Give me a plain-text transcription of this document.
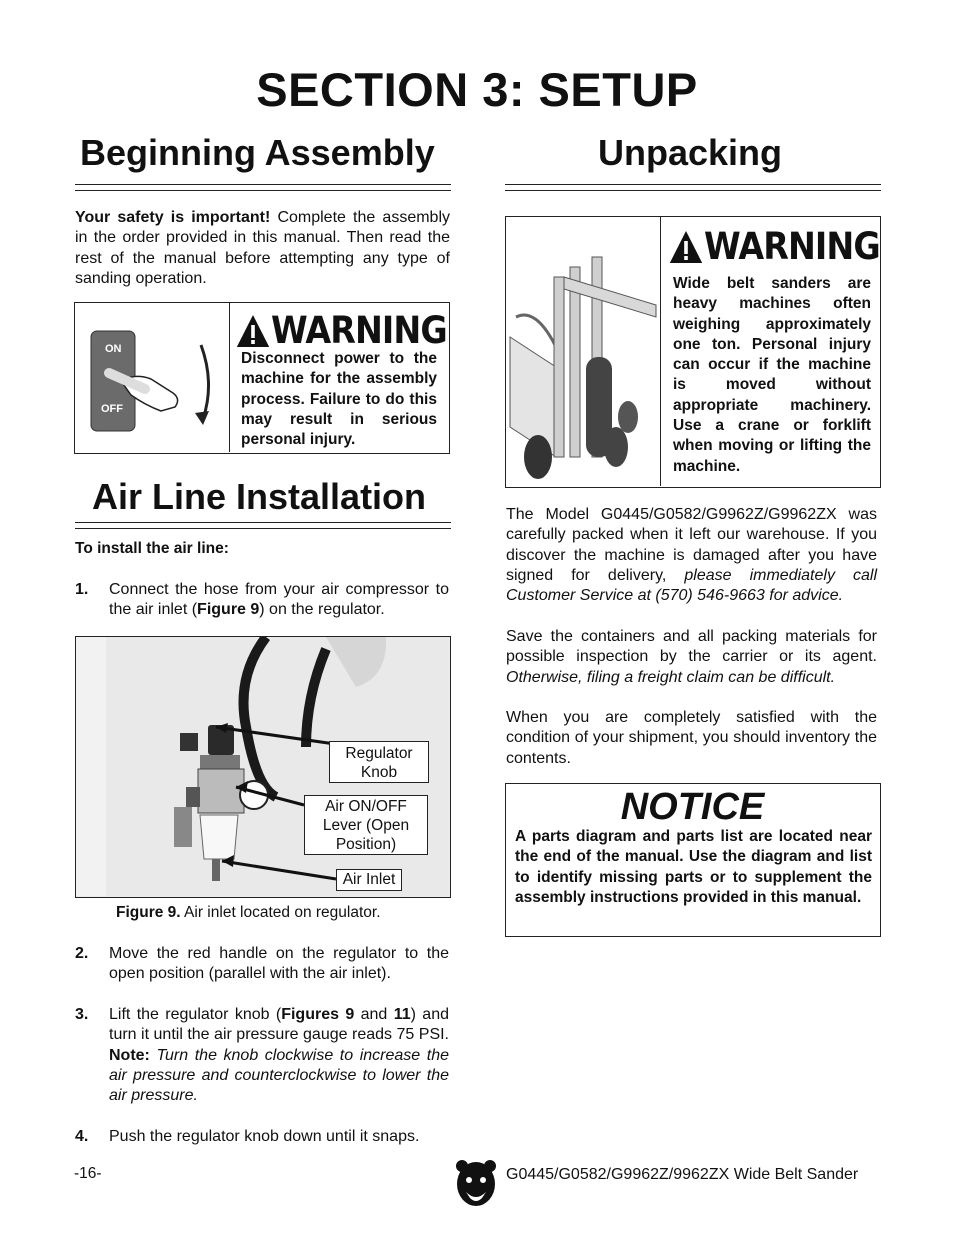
SECTION 3: SETUP
Beginning Assembly
Your safety is important! Complete the assembly in the order provided in this manual. Then read the rest of the manual before attempting any type of sanding operation.
ON
OFF
WARNING
Disconnect power to the machine for the assembly process. Failure to do this may result in serious personal injury.
Air Line Installation
To install the air line:
1.	Connect the hose from your air compressor to the air inlet (Figure 9) on the regulator.
Regulator Knob
Air ON/OFF Lever (Open Position)
Air Inlet
Figure 9. Air inlet located on regulator.
2.	Move the red handle on the regulator to the open position (parallel with the air inlet).
3.	Lift the regulator knob (Figures 9 and 11) and turn it until the air pressure gauge reads 75 PSI. Note: Turn the knob clockwise to increase the air pressure and counterclockwise to lower the air pressure.
4.	Push the regulator knob down until it snaps.
Unpacking
WARNING
Wide belt sanders are heavy machines often weighing approximately one ton. Personal injury can occur if the machine is moved without appropriate machinery. Use a crane or forklift when moving or lifting the machine.
The Model G0445/G0582/G9962Z/G9962ZX was carefully packed when it left our warehouse. If you discover the machine is damaged after you have signed for delivery, please immediately call Customer Service at (570) 546-9663 for advice.
Save the containers and all packing materials for possible inspection by the carrier or its agent. Otherwise, filing a freight claim can be difficult.
When you are completely satisfied with the condition of your shipment, you should inventory the contents.
NOTICE
A parts diagram and parts list are located near the end of the manual. Use the diagram and list to identify missing parts or to supplement the assembly instructions provided in this manual.
-16-	G0445/G0582/G9962Z/9962ZX Wide Belt Sander
